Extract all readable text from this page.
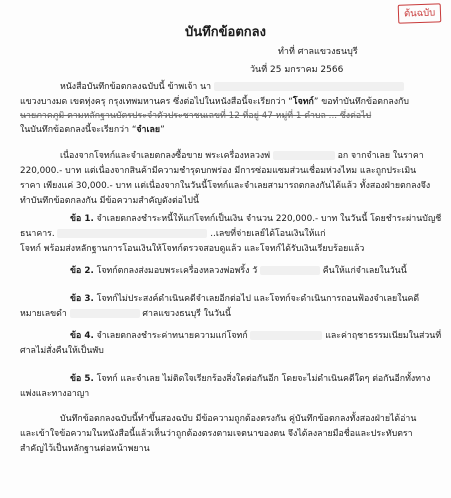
ต้นฉบับ
บันทึกข้อตกลง
ทำที่ ศาลแขวงธนบุรี
วันที่ 25 มกราคม 2566
หนังสือบันทึกข้อตกลงฉบับนี้ ข้าพเจ้า นา
แขวงบางมด เขตทุ่งครุ กรุงเทพมหานคร ซึ่งต่อไปในหนังสือนี้จะเรียกว่า “โจทก์” ขอทำบันทึกข้อตกลงกับ
นายภาคภูมิ ตามหลักฐานบัตรประจำตัวประชาชนเลขที่ 12 ที่อยู่ 47 หมู่ที่ 1 ตำบล ... ซึ่งต่อไป
ในบันทึกข้อตกลงนี้จะเรียกว่า “จำเลย”
เนื่องจากโจทก์และจำเลยตกลงซื้อขาย พระเครื่องหลวงพ่	อก จากจำเลย ในราคา
220,000.- บาท แต่เนื่องจากสินค้ามีความชำรุดบกพร่อง มีการซ่อมแซมส่วนเชื่อมห่วงไหม และถูกประเมิน
ราคา เพียงแค่ 30,000.- บาท แต่เนื่องจากในวันนี้โจทก์และจำเลยสามารถตกลงกันได้แล้ว ทั้งสองฝ่ายตกลงจึง
ทำบันทึกข้อตกลงกัน มีข้อความสำคัญดังต่อไปนี้
ข้อ 1. จำเลยตกลงชำระหนี้ให้แก่โจทก์เป็นเงิน จำนวน 220,000.- บาท ในวันนี้ โดยชำระผ่านบัญชี
ธนาคาร.	..เลขที่จ่ายเลย์ได้โอนเงินให้แก่
โจทก์ พร้อมส่งหลักฐานการโอนเงินให้โจทก์ตรวจสอบดูแล้ว และโจทก์ได้รับเงินเรียบร้อยแล้ว
ข้อ 2. โจทก์ตกลงส่งมอบพระเครื่องหลวงพ่อพริ้ง วั	คืนให้แก่จำเลยในวันนี้
ข้อ 3. โจทก์ไม่ประสงค์ดำเนินคดีจำเลยอีกต่อไป และโจทก์จะดำเนินการถอนฟ้องจำเลยในคดี
หมายเลขดำ	ศาลแขวงธนบุรี ในวันนี้
ข้อ 4. จำเลยตกลงชำระค่าทนายความแก่โจทก์	และค่าฤชาธรรมเนียมในส่วนที่
ศาลไม่สั่งคืนให้เป็นพับ
ข้อ 5. โจทก์ และจำเลย ไม่ติดใจเรียกร้องสิ่งใดต่อกันอีก โดยจะไม่ดำเนินคดีใดๆ ต่อกันอีกทั้งทาง
แพ่งและทางอาญา
บันทึกข้อตกลงฉบับนี้ทำขึ้นสองฉบับ มีข้อความถูกต้องตรงกัน คู่บันทึกข้อตกลงทั้งสองฝ่ายได้อ่าน
และเข้าใจข้อความในหนังสือนี้แล้วเห็นว่าถูกต้องตรงตามเจตนาของตน จึงได้ลงลายมือชื่อและประทับตรา
สำคัญไว้เป็นหลักฐานต่อหน้าพยาน
